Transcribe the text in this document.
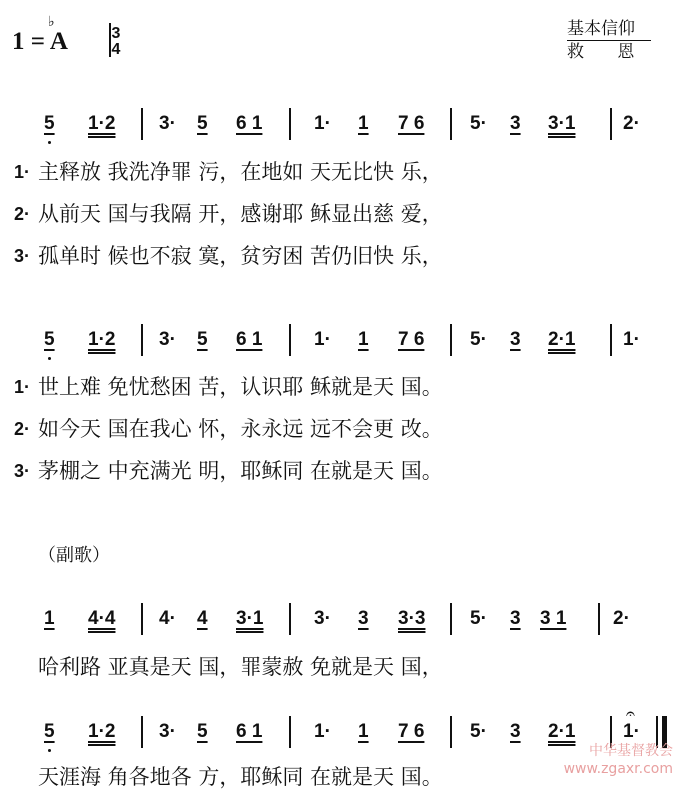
1 = A
♭
3
4
基本信仰
救 恩
5 1·2 3· 5 6 1	1· 1 7 6 5· 3 3·1	2·
1· 主释放 我洗净罪 污，在地如 天无比快 乐，
2· 从前天 国与我隔 开，感谢耶 稣显出慈 爱，
3· 孤单时 候也不寂 寞，贫穷困 苦仍旧快 乐，
5 1·2 3· 5 6 1	1· 1 7 6 5· 3 2·1	1·
1· 世上难 免忧愁困 苦，认识耶 稣就是天 国。
2· 如今天 国在我心 怀，永永远 远不会更 改。
3· 茅棚之 中充满光 明，耶稣同 在就是天 国。
（副歌）
1 4·4 4· 4 3·1	3· 3 3·3 5· 3 3 1 2·
哈利路 亚真是天 国，罪蒙赦 免就是天 国，
5 1·2 3· 5 6 1	1· 1 7 6 5· 3 2·1
𝄐
1·
天涯海 角各地各 方，耶稣同 在就是天 国。
中华基督教会
www.zgaxr.com
